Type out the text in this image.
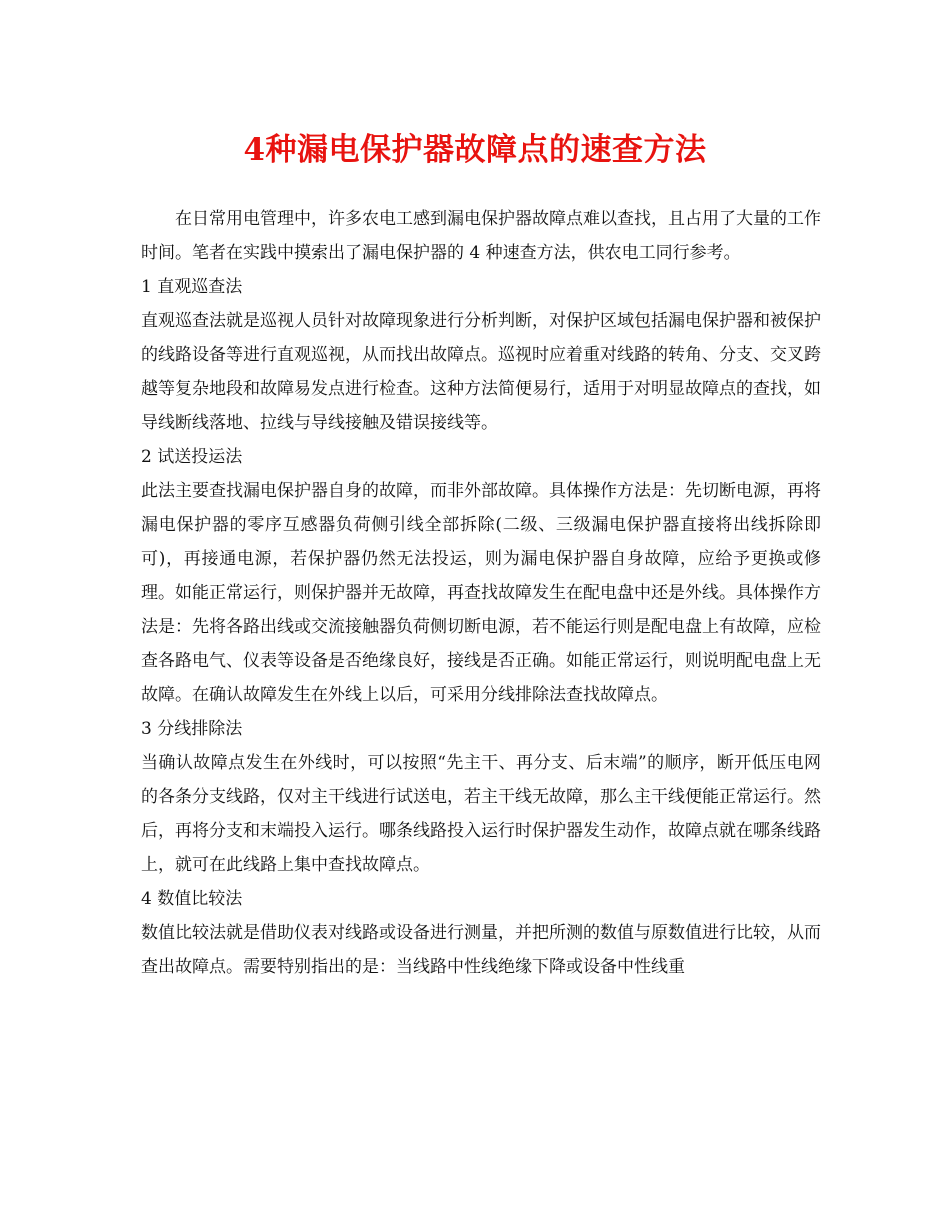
4种漏电保护器故障点的速查方法

在日常用电管理中，许多农电工感到漏电保护器故障点难以查找，且占用了大量的工作时间。笔者在实践中摸索出了漏电保护器的 4 种速查方法，供农电工同行参考。

1 直观巡查法

直观巡查法就是巡视人员针对故障现象进行分析判断，对保护区域包括漏电保护器和被保护的线路设备等进行直观巡视，从而找出故障点。巡视时应着重对线路的转角、分支、交叉跨越等复杂地段和故障易发点进行检查。这种方法简便易行，适用于对明显故障点的查找，如导线断线落地、拉线与导线接触及错误接线等。

2 试送投运法

此法主要查找漏电保护器自身的故障，而非外部故障。具体操作方法是：先切断电源，再将漏电保护器的零序互感器负荷侧引线全部拆除(二级、三级漏电保护器直接将出线拆除即可)，再接通电源，若保护器仍然无法投运，则为漏电保护器自身故障，应给予更换或修理。如能正常运行，则保护器并无故障，再查找故障发生在配电盘中还是外线。具体操作方法是：先将各路出线或交流接触器负荷侧切断电源，若不能运行则是配电盘上有故障，应检查各路电气、仪表等设备是否绝缘良好，接线是否正确。如能正常运行，则说明配电盘上无故障。在确认故障发生在外线上以后，可采用分线排除法查找故障点。

3 分线排除法

当确认故障点发生在外线时，可以按照“先主干、再分支、后末端”的顺序，断开低压电网的各条分支线路，仅对主干线进行试送电，若主干线无故障，那么主干线便能正常运行。然后，再将分支和末端投入运行。哪条线路投入运行时保护器发生动作，故障点就在哪条线路上，就可在此线路上集中查找故障点。

4 数值比较法

数值比较法就是借助仪表对线路或设备进行测量，并把所测的数值与原数值进行比较，从而查出故障点。需要特别指出的是：当线路中性线绝缘下降或设备中性线重
